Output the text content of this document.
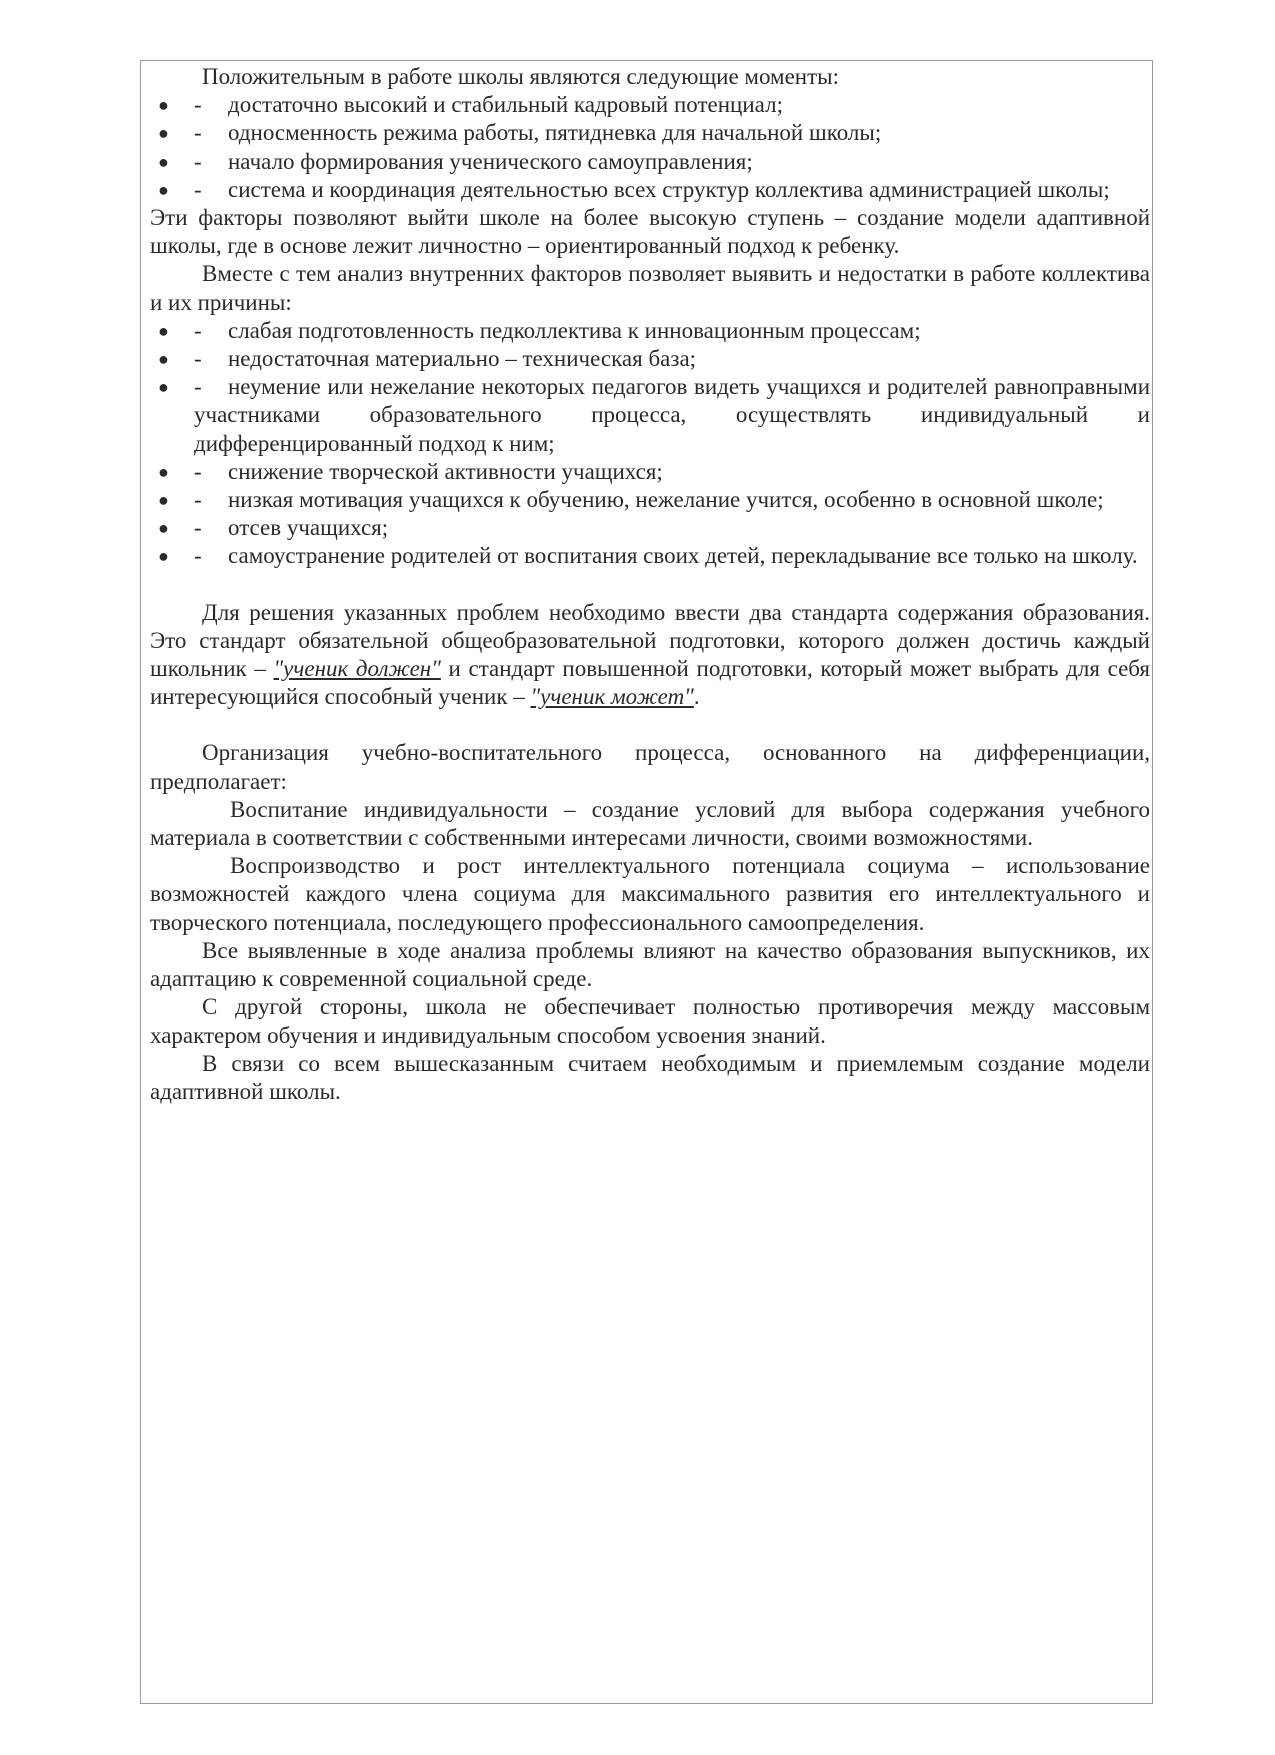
Положительным в работе школы являются следующие моменты:

● - достаточно высокий и стабильный кадровый потенциал;
● - односменность режима работы, пятидневка для начальной школы;
● - начало формирования ученического самоуправления;
● - система и координация деятельностью всех структур коллектива администрацией школы;

Эти факторы позволяют выйти школе на более высокую ступень – создание модели адаптивной школы, где в основе лежит личностно – ориентированный подход к ребенку.

Вместе с тем анализ внутренних факторов позволяет выявить и недостатки в работе коллектива и их причины:

● - слабая подготовленность педколлектива к инновационным процессам;
● - недостаточная материально – техническая база;
● - неумение или нежелание некоторых педагогов видеть учащихся и родителей равноправными участниками образовательного процесса, осуществлять индивидуальный и дифференцированный подход к ним;
● - снижение творческой активности учащихся;
● - низкая мотивация учащихся к обучению, нежелание учится, особенно в основной школе;
● - отсев учащихся;
● - самоустранение родителей от воспитания своих детей, перекладывание все только на школу.

Для решения указанных проблем необходимо ввести два стандарта содержания образования. Это стандарт обязательной общеобразовательной подготовки, которого должен достичь каждый школьник – "ученик должен" и стандарт повышенной подготовки, который может выбрать для себя интересующийся способный ученик – "ученик может".

Организация учебно-воспитательного процесса, основанного на дифференциации, предполагает:

Воспитание индивидуальности – создание условий для выбора содержания учебного материала в соответствии с собственными интересами личности, своими возможностями.

Воспроизводство и рост интеллектуального потенциала социума – использование возможностей каждого члена социума для максимального развития его интеллектуального и творческого потенциала, последующего профессионального самоопределения.

Все выявленные в ходе анализа проблемы влияют на качество образования выпускников, их адаптацию к современной социальной среде.

С другой стороны, школа не обеспечивает полностью противоречия между массовым характером обучения и индивидуальным способом усвоения знаний.

В связи со всем вышесказанным считаем необходимым и приемлемым создание модели адаптивной школы.
